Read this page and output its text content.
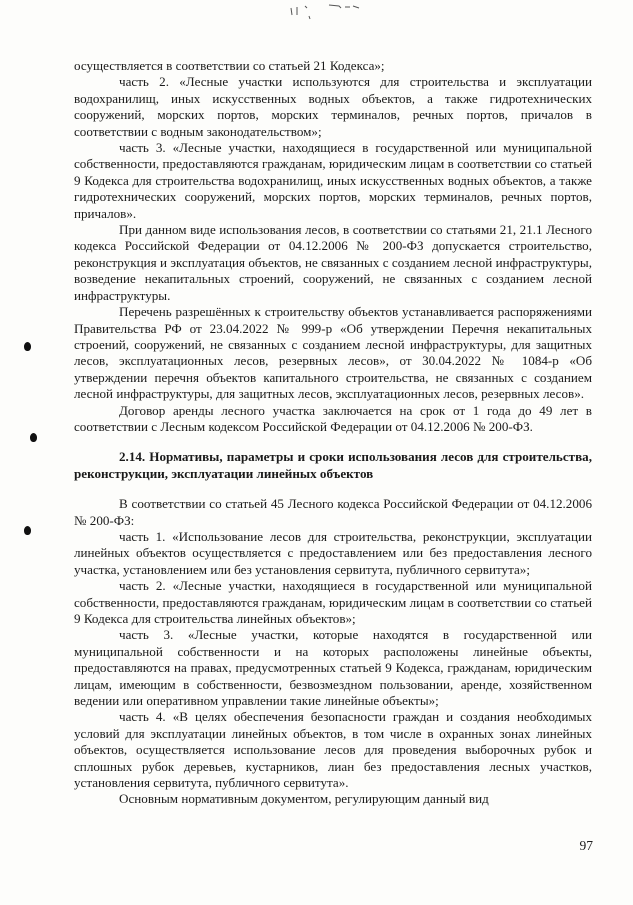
осуществляется в соответствии со статьей 21 Кодекса»;

часть 2. «Лесные участки используются для строительства и эксплуатации водохранилищ, иных искусственных водных объектов, а также гидротехнических сооружений, морских портов, морских терминалов, речных портов, причалов в соответствии с водным законодательством»;

часть 3. «Лесные участки, находящиеся в государственной или муниципальной собственности, предоставляются гражданам, юридическим лицам в соответствии со статьей 9 Кодекса для строительства водохранилищ, иных искусственных водных объектов, а также гидротехнических сооружений, морских портов, морских терминалов, речных портов, причалов».

При данном виде использования лесов, в соответствии со статьями 21, 21.1 Лесного кодекса Российской Федерации от 04.12.2006 № 200-ФЗ допускается строительство, реконструкция и эксплуатация объектов, не связанных с созданием лесной инфраструктуры, возведение некапитальных строений, сооружений, не связанных с созданием лесной инфраструктуры.

Перечень разрешённых к строительству объектов устанавливается распоряжениями Правительства РФ от 23.04.2022 № 999-р «Об утверждении Перечня некапитальных строений, сооружений, не связанных с созданием лесной инфраструктуры, для защитных лесов, эксплуатационных лесов, резервных лесов», от 30.04.2022 № 1084-р «Об утверждении перечня объектов капитального строительства, не связанных с созданием лесной инфраструктуры, для защитных лесов, эксплуатационных лесов, резервных лесов».

Договор аренды лесного участка заключается на срок от 1 года до 49 лет в соответствии с Лесным кодексом Российской Федерации от 04.12.2006 № 200-ФЗ.

2.14. Нормативы, параметры и сроки использования лесов для строительства, реконструкции, эксплуатации линейных объектов

В соответствии со статьей 45 Лесного кодекса Российской Федерации от 04.12.2006 № 200-ФЗ:

часть 1. «Использование лесов для строительства, реконструкции, эксплуатации линейных объектов осуществляется с предоставлением или без предоставления лесного участка, установлением или без установления сервитута, публичного сервитута»;

часть 2. «Лесные участки, находящиеся в государственной или муниципальной собственности, предоставляются гражданам, юридическим лицам в соответствии со статьей 9 Кодекса для строительства линейных объектов»;

часть 3. «Лесные участки, которые находятся в государственной или муниципальной собственности и на которых расположены линейные объекты, предоставляются на правах, предусмотренных статьей 9 Кодекса, гражданам, юридическим лицам, имеющим в собственности, безвозмездном пользовании, аренде, хозяйственном ведении или оперативном управлении такие линейные объекты»;

часть 4. «В целях обеспечения безопасности граждан и создания необходимых условий для эксплуатации линейных объектов, в том числе в охранных зонах линейных объектов, осуществляется использование лесов для проведения выборочных рубок и сплошных рубок деревьев, кустарников, лиан без предоставления лесных участков, установления сервитута, публичного сервитута».

Основным нормативным документом, регулирующим данный вид

97
